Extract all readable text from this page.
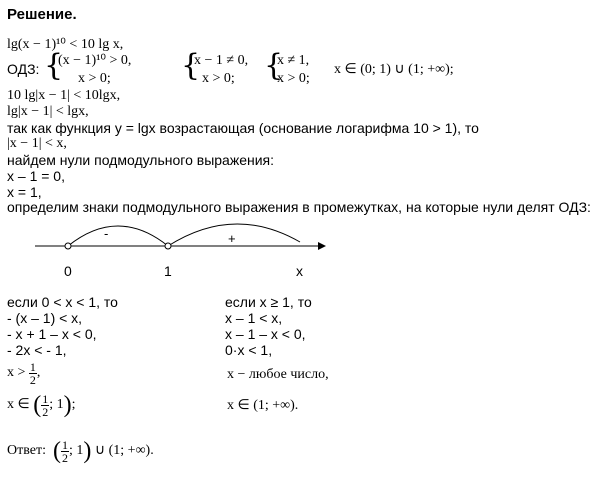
Решение.
lg(x − 1)¹⁰ < 10 lg x,
ОДЗ: {
(x − 1)¹⁰ > 0,
x > 0; {
x − 1 ≠ 0,
x > 0; {
x ≠ 1,
x > 0;
x ∈ (0; 1) ∪ (1; +∞);
10 lg|x − 1| < 10lgx,
lg|x − 1| < lgx,
так как функция y = lgx возрастающая (основание логарифма 10 > 1), то
|x − 1| < x,
найдем нули подмодульного выражения:
x – 1 = 0,
x = 1,
определим знаки подмодульного выражения в промежутках, на которые нули делят ОДЗ:
-	+
0	1	x
если 0 < x < 1, то
- (x – 1) < x,
- x + 1 – x < 0,
- 2x < - 1,
x >
$\frac{1}{2}$ ,
x ∈
( $\frac{1}{2}$ ; 1 ) ;
если x ≥ 1, то
x – 1 < x,
x – 1 – x < 0,
0·x < 1,
x − любое число,
x ∈ (1; +∞).
Ответ:
( $\frac{1}{2}$ ; 1 )
∪ (1; +∞).
